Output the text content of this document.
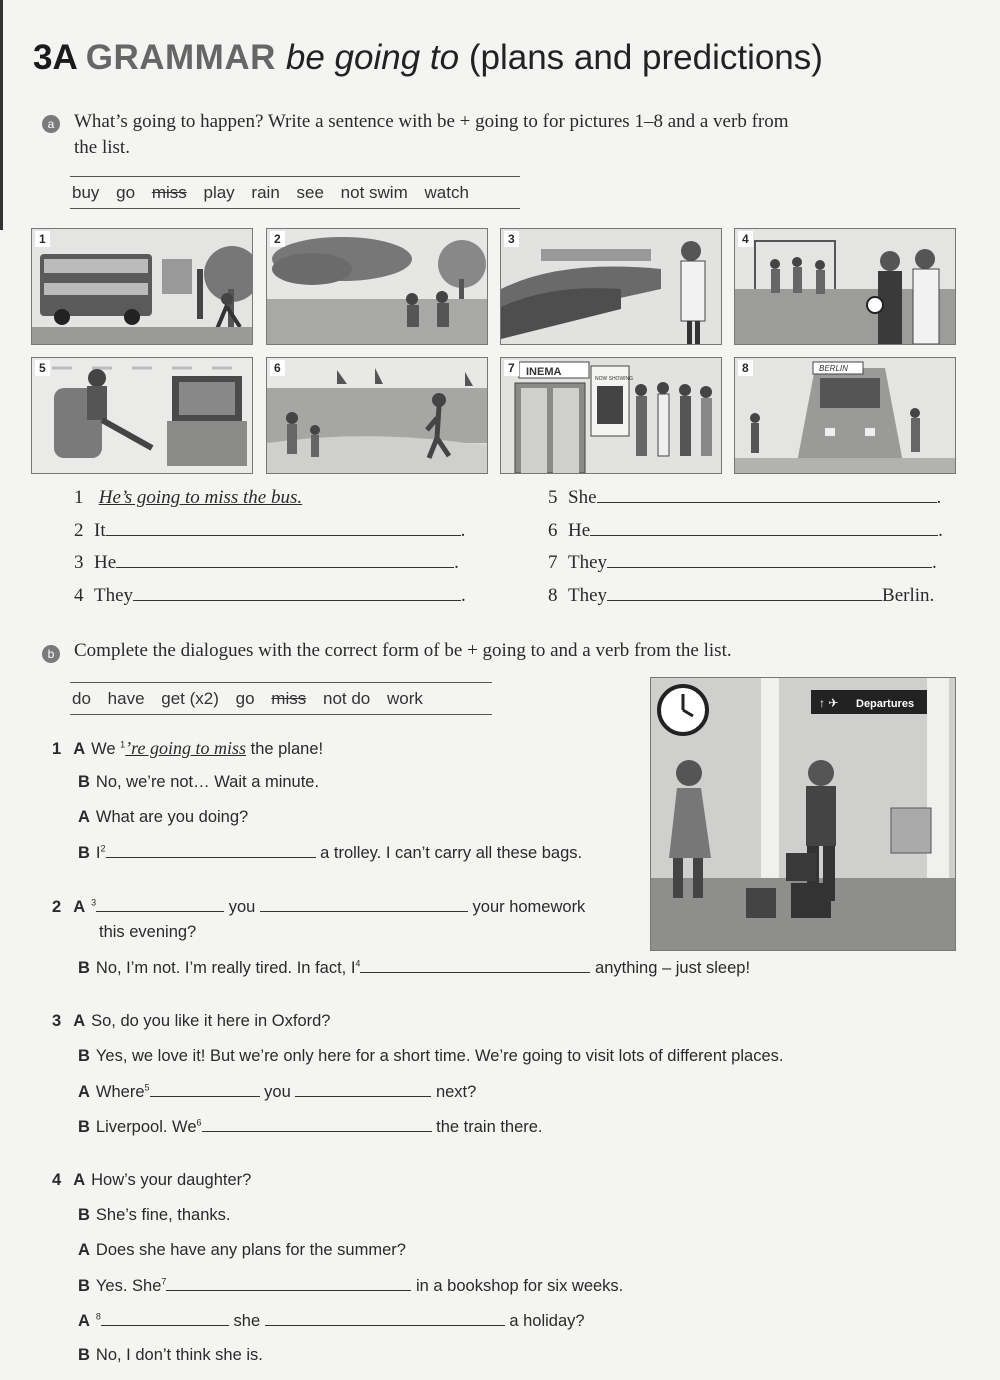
3A GRAMMAR be going to (plans and predictions)
a What’s going to happen? Write a sentence with be + going to for pictures 1–8 and a verb from
the list.
buy go miss play rain see not swim watch
1	2	3	4
5	6	7	INEMA
NOW SHOWING
8	BERLIN
1 He’s going to miss the bus.
2 It	.
3 He	.
4 They	.
5 She	.
6 He	.
7 They	.
8 They	Berlin.
b Complete the dialogues with the correct form of be + going to and a verb from the list.
do have get (x2) go miss not do work	↑ ✈ Departures
1 A We $^1$’re going to miss the plane!
B No, we’re not… Wait a minute.
A What are you doing?
B $I^2$	a trolley. I can’t carry all these bags.
2 A $^3$	you	your homework
this evening?
B No, I’m not. I’m really tired. In fact, $I^4$	anything – just sleep!
3 A So, do you like it here in Oxford?
B Yes, we love it! But we’re only here for a short time. We’re going to visit lots of different places.
A Where$^5$	you	next?
B Liverpool. We$^6$	the train there.
4 A How’s your daughter?
B She’s fine, thanks.
A Does she have any plans for the summer?
B Yes. She$^7$	in a bookshop for six weeks.
A $^8$	she	a holiday?
B No, I don’t think she is.
